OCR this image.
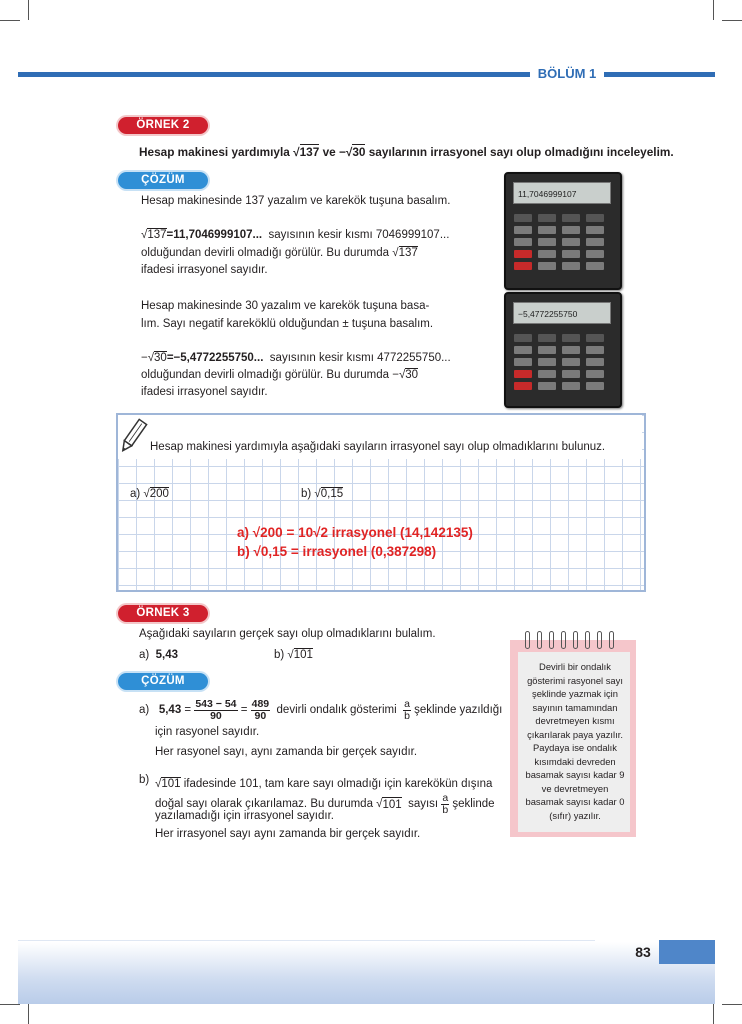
BÖLÜM 1
ÖRNEK 2
Hesap makinesi yardımıyla √137 ve −√30 sayılarının irrasyonel sayı olup olmadığını inceleyelim.
ÇÖZÜM
Hesap makinesinde 137 yazalım ve karekök tuşuna basalım.
√137=11,7046999107... sayısının kesir kısmı 7046999107...
olduğundan devirli olmadığı görülür. Bu durumda √137
ifadesi irrasyonel sayıdır.
Hesap makinesinde 30 yazalım ve karekök tuşuna basa-
lım. Sayı negatif kareköklü olduğundan ± tuşuna basalım.
−√30=−5,4772255750... sayısının kesir kısmı 4772255750...
olduğundan devirli olmadığı görülür. Bu durumda −√30
ifadesi irrasyonel sayıdır.
11,7046999107
−5,4772255750
Hesap makinesi yardımıyla aşağıdaki sayıların irrasyonel sayı olup olmadıklarını bulunuz.
a) √200	b) √0,15
a) √200 = 10√2 irrasyonel (14,142135)
b) √0,15 = irrasyonel (0,387298)
ÖRNEK 3
Aşağıdaki sayıların gerçek sayı olup olmadıklarını bulalım.
a) 5,43	b) √101
ÇÖZÜM
a)
$5,43 = \frac{543 - 54}{90} = \frac{489}{90}$
devirli ondalık gösterimi
$\frac{a}{b}$
şeklinde yazıldığı
için rasyonel sayıdır.
Her rasyonel sayı, aynı zamanda bir gerçek sayıdır.
b) √101 ifadesinde 101, tam kare sayı olmadığı için karekökün dışına
doğal sayı olarak çıkarılamaz. Bu durumda √ 101
sayısı
$\frac{a}{b}$
şeklinde
yazılamadığı için irrasyonel sayıdır.
Her irrasyonel sayı aynı zamanda bir gerçek sayıdır.
Devirli bir ondalık gösterimi rasyonel sayı şeklinde yazmak için sayının tamamından devretmeyen kısmı çıkarılarak paya yazılır. Paydaya ise ondalık kısımdaki devreden basamak sayısı kadar 9 ve devretmeyen basamak sayısı kadar 0 (sıfır) yazılır.
83
